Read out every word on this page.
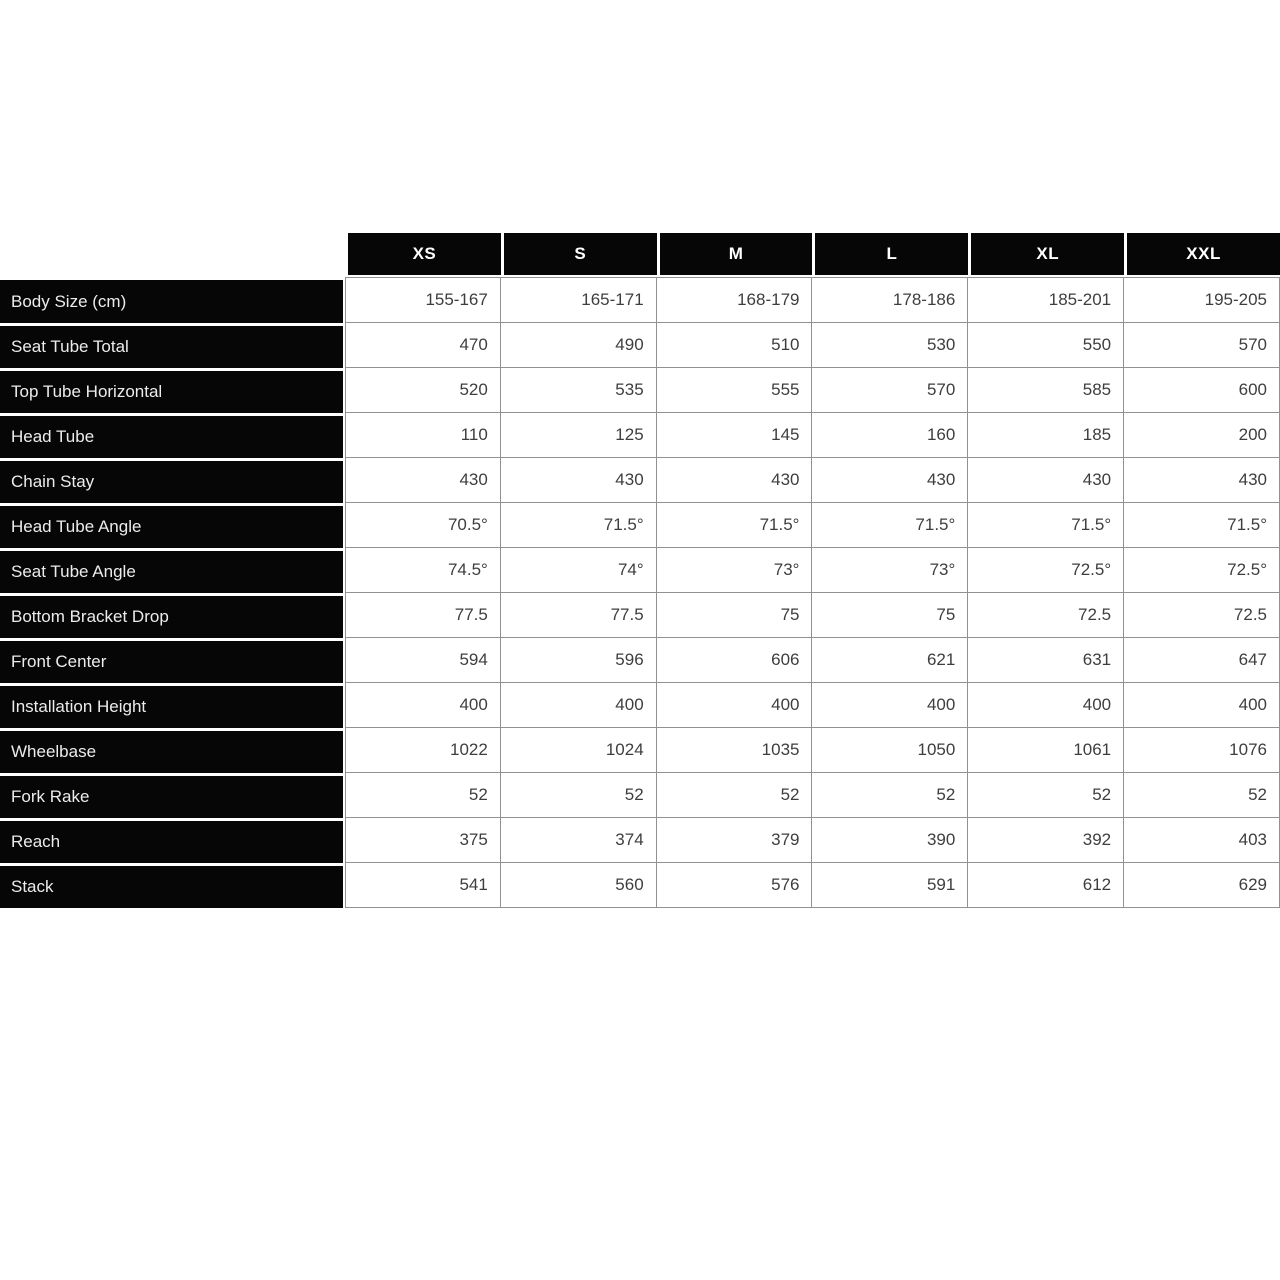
	XS	S	M	L	XL	XXL
Body Size (cm)	155-167	165-171	168-179	178-186	185-201	195-205
Seat Tube Total	470	490	510	530	550	570
Top Tube Horizontal	520	535	555	570	585	600
Head Tube	110	125	145	160	185	200
Chain Stay	430	430	430	430	430	430
Head Tube Angle	70.5°	71.5°	71.5°	71.5°	71.5°	71.5°
Seat Tube Angle	74.5°	74°	73°	73°	72.5°	72.5°
Bottom Bracket Drop	77.5	77.5	75	75	72.5	72.5
Front Center	594	596	606	621	631	647
Installation Height	400	400	400	400	400	400
Wheelbase	1022	1024	1035	1050	1061	1076
Fork Rake	52	52	52	52	52	52
Reach	375	374	379	390	392	403
Stack	541	560	576	591	612	629
